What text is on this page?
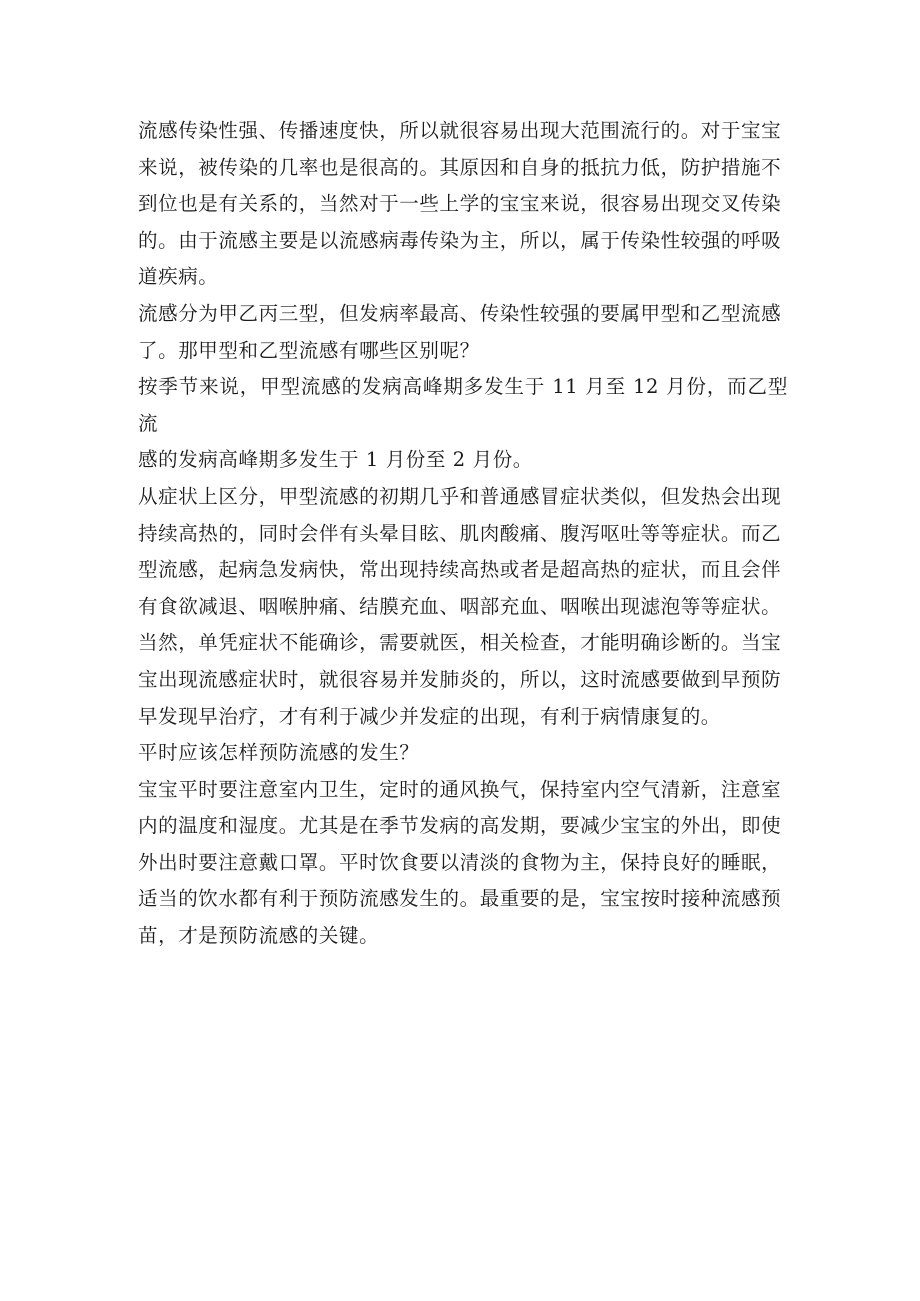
流感传染性强、传播速度快，所以就很容易出现大范围流行的。对于宝宝
来说，被传染的几率也是很高的。其原因和自身的抵抗力低，防护措施不
到位也是有关系的，当然对于一些上学的宝宝来说，很容易出现交叉传染
的。由于流感主要是以流感病毒传染为主，所以，属于传染性较强的呼吸
道疾病。

流感分为甲乙丙三型，但发病率最高、传染性较强的要属甲型和乙型流感
了。那甲型和乙型流感有哪些区别呢？

按季节来说，甲型流感的发病高峰期多发生于 11 月至 12 月份，而乙型流
感的发病高峰期多发生于 1 月份至 2 月份。

从症状上区分，甲型流感的初期几乎和普通感冒症状类似，但发热会出现
持续高热的，同时会伴有头晕目眩、肌肉酸痛、腹泻呕吐等等症状。而乙
型流感，起病急发病快，常出现持续高热或者是超高热的症状，而且会伴
有食欲减退、咽喉肿痛、结膜充血、咽部充血、咽喉出现滤泡等等症状。

当然，单凭症状不能确诊，需要就医，相关检查，才能明确诊断的。当宝
宝出现流感症状时，就很容易并发肺炎的，所以，这时流感要做到早预防
早发现早治疗，才有利于减少并发症的出现，有利于病情康复的。

平时应该怎样预防流感的发生？

宝宝平时要注意室内卫生，定时的通风换气，保持室内空气清新，注意室
内的温度和湿度。尤其是在季节发病的高发期，要减少宝宝的外出，即使
外出时要注意戴口罩。平时饮食要以清淡的食物为主，保持良好的睡眠，
适当的饮水都有利于预防流感发生的。最重要的是，宝宝按时接种流感预
苗，才是预防流感的关键。
